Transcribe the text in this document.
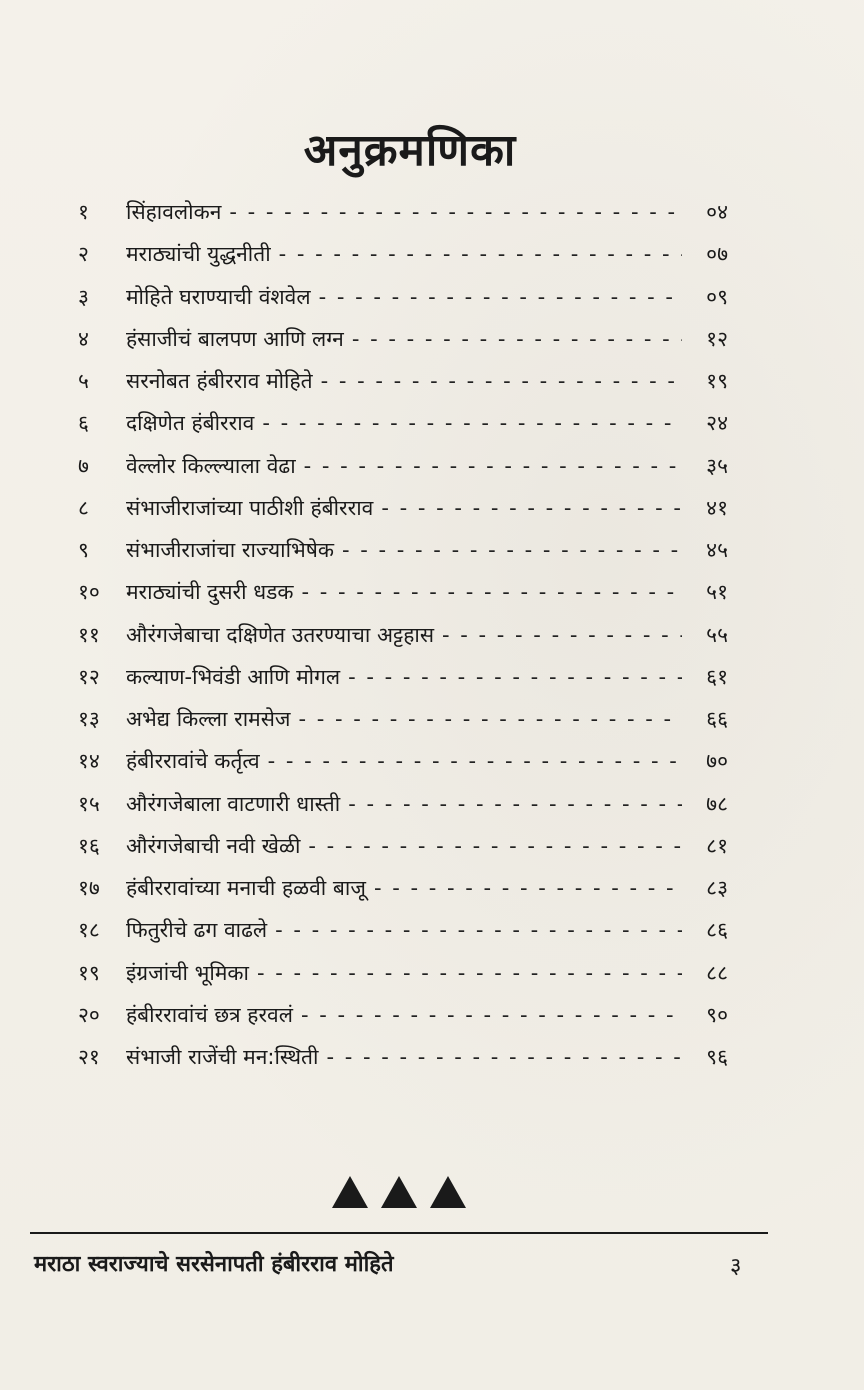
अनुक्रमणिका
१	सिंहावलोकन - - -	०४
२	मराठ्यांची युद्धनीती - - -	०७
३	मोहिते घराण्याची वंशवेल - - -	०९
४	हंसाजीचं बालपण आणि लग्न - - -	१२
५	सरनोबत हंबीरराव मोहिते - - -	१९
६	दक्षिणेत हंबीरराव - - -	२४
७	वेल्लोर किल्ल्याला वेढा - - -	३५
८	संभाजीराजांच्या पाठीशी हंबीरराव - - -	४१
९	संभाजीराजांचा राज्याभिषेक - - -	४५
१०	मराठ्यांची दुसरी धडक - - -	५१
११	औरंगजेबाचा दक्षिणेत उतरण्याचा अट्टहास - - -	५५
१२	कल्याण-भिवंडी आणि मोगल - - -	६१
१३	अभेद्य किल्ला रामसेज - - -	६६
१४	हंबीररावांचे कर्तृत्व - - -	७०
१५	औरंगजेबाला वाटणारी धास्ती - - -	७८
१६	औरंगजेबाची नवी खेळी - - -	८१
१७	हंबीररावांच्या मनाची हळवी बाजू - - -	८३
१८	फितुरीचे ढग वाढले - - -	८६
१९	इंग्रजांची भूमिका - - -	८८
२०	हंबीररावांचं छत्र हरवलं - - -	९०
२१	संभाजी राजेंची मन:स्थिती - - -	९६
मराठा स्वराज्याचे सरसेनापती हंबीरराव मोहिते	३
